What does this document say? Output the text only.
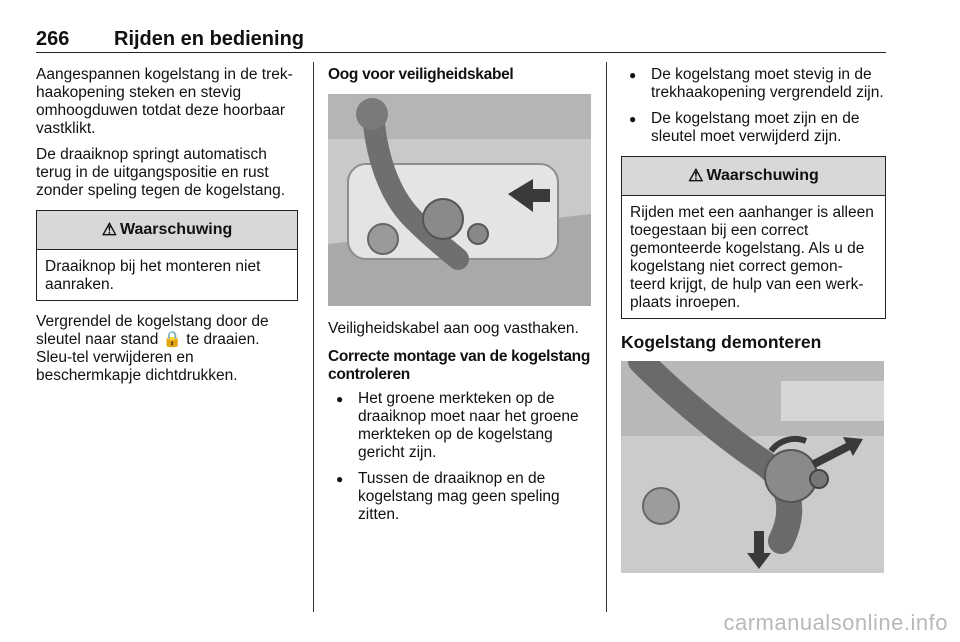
266 Rijden en bediening

Aangespannen kogelstang in de trek-haakopening steken en stevig omhoogduwen totdat deze hoorbaar vastklikt.

De draaiknop springt automatisch terug in de uitgangspositie en rust zonder speling tegen de kogelstang.

⚠ Waarschuwing
Draaiknop bij het monteren niet aanraken.

Vergrendel de kogelstang door de sleutel naar stand 🔒 te draaien. Sleu-tel verwijderen en beschermkapje dichtdrukken.

Oog voor veiligheidskabel

Veiligheidskabel aan oog vasthaken.

Correcte montage van de kogelstang controleren
● Het groene merkteken op de draaiknop moet naar het groene merkteken op de kogelstang gericht zijn.
● Tussen de draaiknop en de kogelstang mag geen speling zitten.
● De kogelstang moet stevig in de trekhaakopening vergrendeld zijn.
● De kogelstang moet zijn en de sleutel moet verwijderd zijn.
⚠ Waarschuwing
Rijden met een aanhanger is alleen toegestaan bij een correct gemonteerde kogelstang. Als u de kogelstang niet correct gemon-teerd krijgt, de hulp van een werk-plaats inroepen.
Kogelstang demonteren
carmanualsonline.info
